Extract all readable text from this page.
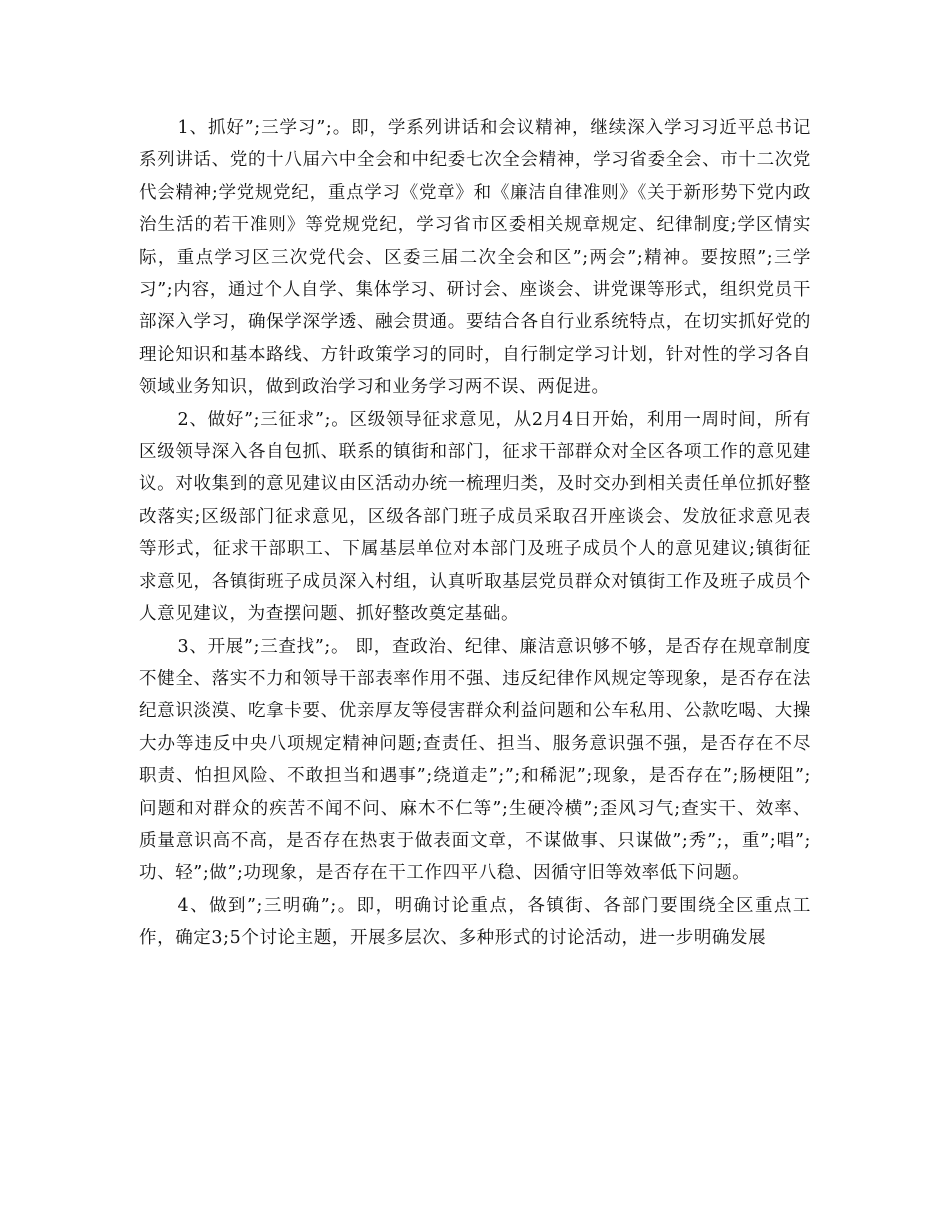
1、抓好”;三学习”;。即，学系列讲话和会议精神，继续深入学习习近平总书记系列讲话、党的十八届六中全会和中纪委七次全会精神，学习省委全会、市十二次党代会精神;学党规党纪，重点学习《党章》和《廉洁自律准则》《关于新形势下党内政治生活的若干准则》等党规党纪，学习省市区委相关规章规定、纪律制度;学区情实际，重点学习区三次党代会、区委三届二次全会和区”;两会”;精神。要按照”;三学习”;内容，通过个人自学、集体学习、研讨会、座谈会、讲党课等形式，组织党员干部深入学习，确保学深学透、融会贯通。要结合各自行业系统特点，在切实抓好党的理论知识和基本路线、方针政策学习的同时，自行制定学习计划，针对性的学习各自领域业务知识，做到政治学习和业务学习两不误、两促进。

2、做好”;三征求”;。区级领导征求意见，从2月4日开始，利用一周时间，所有区级领导深入各自包抓、联系的镇街和部门，征求干部群众对全区各项工作的意见建议。对收集到的意见建议由区活动办统一梳理归类，及时交办到相关责任单位抓好整改落实;区级部门征求意见，区级各部门班子成员采取召开座谈会、发放征求意见表等形式，征求干部职工、下属基层单位对本部门及班子成员个人的意见建议;镇街征求意见，各镇街班子成员深入村组，认真听取基层党员群众对镇街工作及班子成员个人意见建议，为查摆问题、抓好整改奠定基础。

3、开展”;三查找”;。 即，查政治、纪律、廉洁意识够不够，是否存在规章制度不健全、落实不力和领导干部表率作用不强、违反纪律作风规定等现象，是否存在法纪意识淡漠、吃拿卡要、优亲厚友等侵害群众利益问题和公车私用、公款吃喝、大操大办等违反中央八项规定精神问题;查责任、担当、服务意识强不强，是否存在不尽职责、怕担风险、不敢担当和遇事”;绕道走”;”;和稀泥”;现象，是否存在”;肠梗阻”;问题和对群众的疾苦不闻不问、麻木不仁等”;生硬冷横”;歪风习气;查实干、效率、质量意识高不高，是否存在热衷于做表面文章，不谋做事、只谋做”;秀”;，重”;唱”;功、轻”;做”;功现象，是否存在干工作四平八稳、因循守旧等效率低下问题。

4、做到”;三明确”;。即，明确讨论重点，各镇街、各部门要围绕全区重点工作，确定3;5个讨论主题，开展多层次、多种形式的讨论活动，进一步明确发展
